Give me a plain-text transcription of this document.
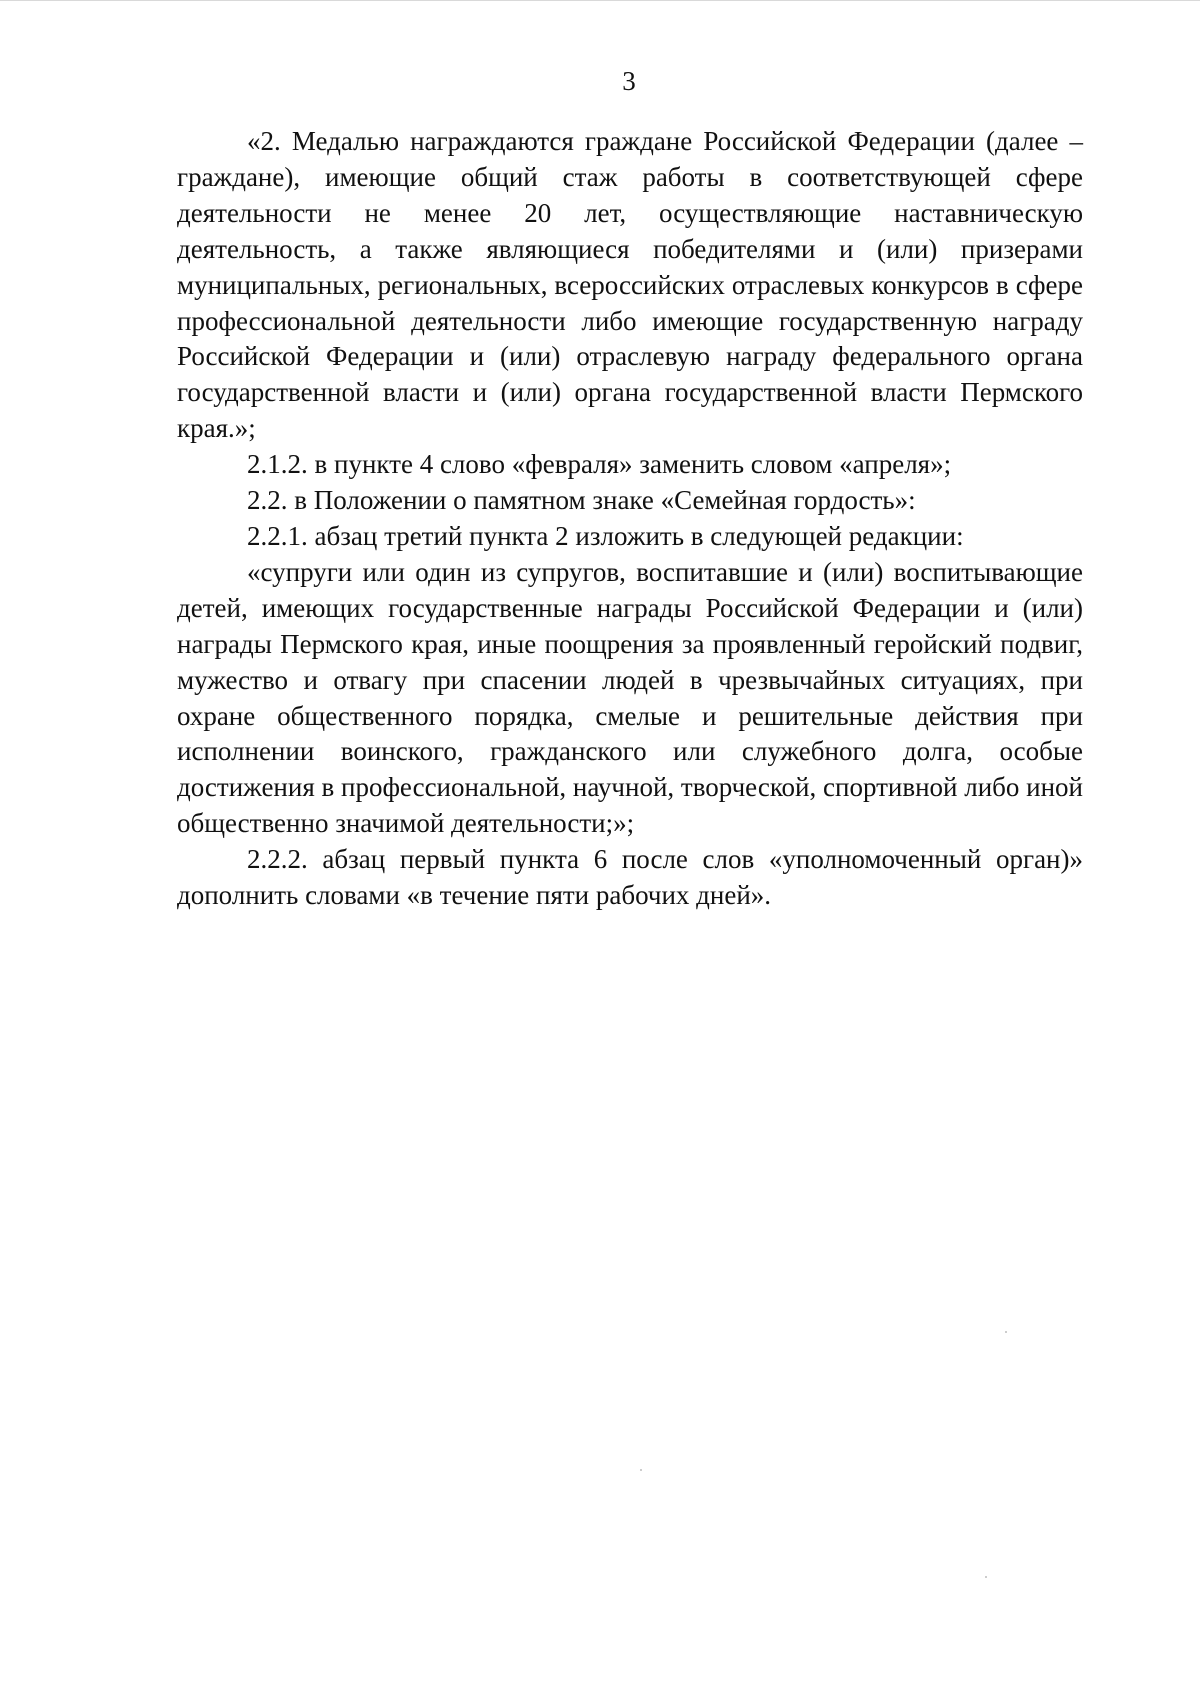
3

«2. Медалью награждаются граждане Российской Федерации (далее – граждане), имеющие общий стаж работы в соответствующей сфере деятельности не менее 20 лет, осуществляющие наставническую деятельность, а также являющиеся победителями и (или) призерами муниципальных, региональных, всероссийских отраслевых конкурсов в сфере профессиональной деятельности либо имеющие государственную награду Российской Федерации и (или) отраслевую награду федерального органа государственной власти и (или) органа государственной власти Пермского края.»;

2.1.2. в пункте 4 слово «февраля» заменить словом «апреля»;

2.2. в Положении о памятном знаке «Семейная гордость»:

2.2.1. абзац третий пункта 2 изложить в следующей редакции:

«супруги или один из супругов, воспитавшие и (или) воспитывающие детей, имеющих государственные награды Российской Федерации и (или) награды Пермского края, иные поощрения за проявленный геройский подвиг, мужество и отвагу при спасении людей в чрезвычайных ситуациях, при охране общественного порядка, смелые и решительные действия при исполнении воинского, гражданского или служебного долга, особые достижения в профессиональной, научной, творческой, спортивной либо иной общественно значимой деятельности;»;

2.2.2. абзац первый пункта 6 после слов «уполномоченный орган)» дополнить словами «в течение пяти рабочих дней».
